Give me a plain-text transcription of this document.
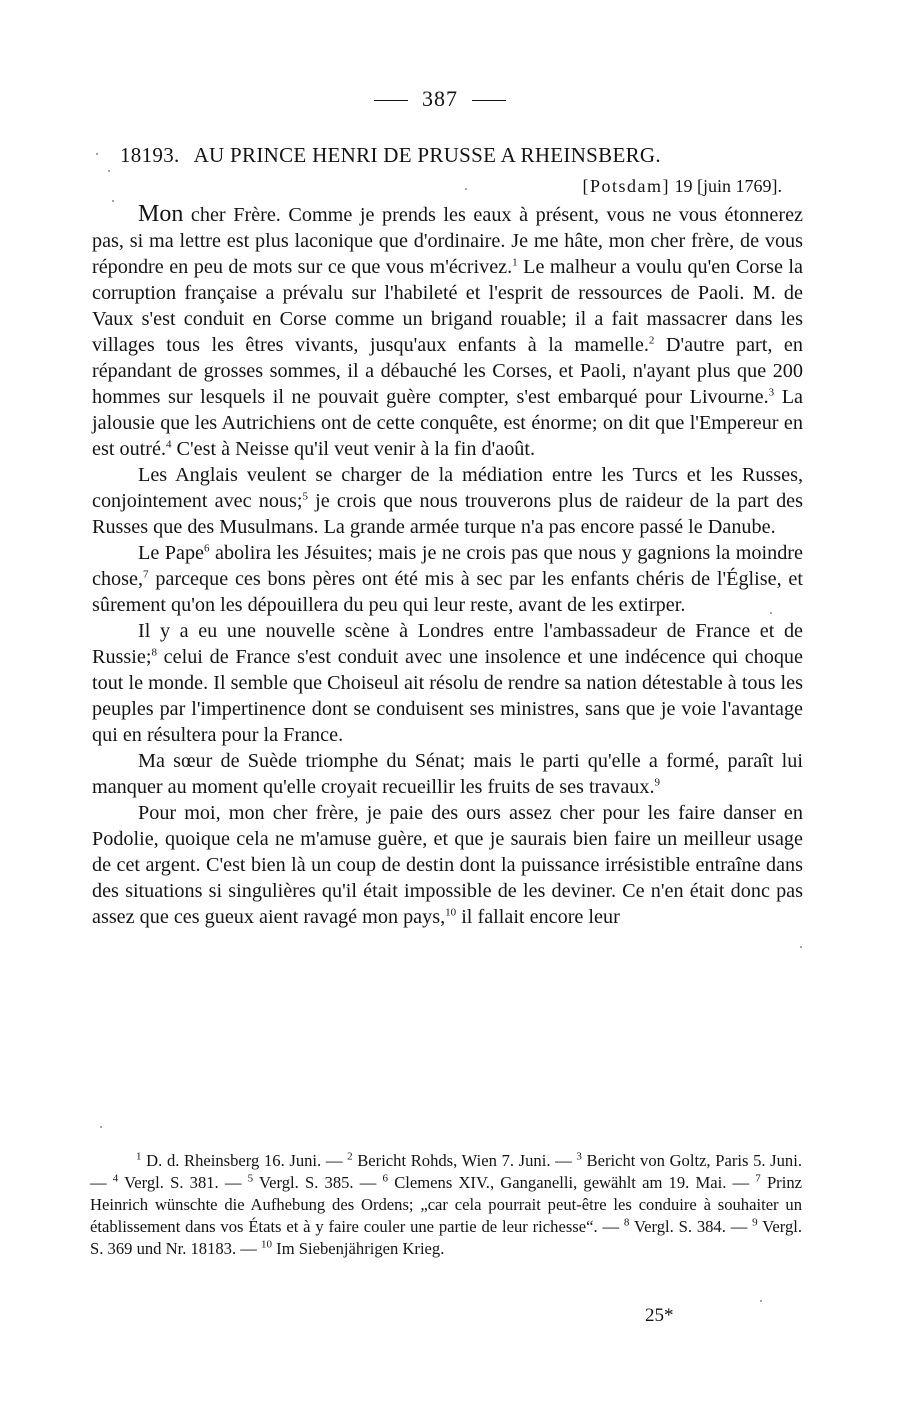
387
18193. AU PRINCE HENRI DE PRUSSE A RHEINSBERG.
[Potsdam] 19 [juin 1769].

Mon cher Frère. Comme je prends les eaux à présent, vous ne vous étonnerez pas, si ma lettre est plus laconique que d'ordinaire. Je me hâte, mon cher frère, de vous répondre en peu de mots sur ce que vous m'écrivez.$^1$ Le malheur a voulu qu'en Corse la corruption française a prévalu sur l'habileté et l'esprit de ressources de Paoli. M. de Vaux s'est conduit en Corse comme un brigand rouable; il a fait massacrer dans les villages tous les êtres vivants, jusqu'aux enfants à la mamelle.$^2$ D'autre part, en répandant de grosses sommes, il a débauché les Corses, et Paoli, n'ayant plus que 200 hommes sur lesquels il ne pouvait guère compter, s'est embarqué pour Livourne.$^3$ La jalousie que les Autrichiens ont de cette conquête, est énorme; on dit que l'Empereur en est outré.$^4$ C'est à Neisse qu'il veut venir à la fin d'août.

Les Anglais veulent se charger de la médiation entre les Turcs et les Russes, conjointement avec nous;$^5$ je crois que nous trouverons plus de raideur de la part des Russes que des Musulmans. La grande armée turque n'a pas encore passé le Danube.

Le Pape$^6$ abolira les Jésuites; mais je ne crois pas que nous y gagnions la moindre chose,$^7$ parceque ces bons pères ont été mis à sec par les enfants chéris de l'Église, et sûrement qu'on les dépouillera du peu qui leur reste, avant de les extirper.

Il y a eu une nouvelle scène à Londres entre l'ambassadeur de France et de Russie;$^8$ celui de France s'est conduit avec une insolence et une indécence qui choque tout le monde. Il semble que Choiseul ait résolu de rendre sa nation détestable à tous les peuples par l'impertinence dont se conduisent ses ministres, sans que je voie l'avantage qui en résultera pour la France.

Ma sœur de Suède triomphe du Sénat; mais le parti qu'elle a formé, paraît lui manquer au moment qu'elle croyait recueillir les fruits de ses travaux.$^9$

Pour moi, mon cher frère, je paie des ours assez cher pour les faire danser en Podolie, quoique cela ne m'amuse guère, et que je saurais bien faire un meilleur usage de cet argent. C'est bien là un coup de destin dont la puissance irrésistible entraîne dans des situations si singulières qu'il était impossible de les deviner. Ce n'en était donc pas assez que ces gueux aient ravagé mon pays,$^{10}$ il fallait encore leur

$^1$ D. d. Rheinsberg 16. Juni. — $^2$ Bericht Rohds, Wien 7. Juni. — $^3$ Bericht von Goltz, Paris 5. Juni. — $^4$ Vergl. S. 381. — $^5$ Vergl. S. 385. — $^6$ Clemens XIV., Ganganelli, gewählt am 19. Mai. — $^7$ Prinz Heinrich wünschte die Aufhebung des Ordens; „car cela pourrait peut-être les conduire à souhaiter un établissement dans vos États et à y faire couler une partie de leur richesse“. — $^8$ Vergl. S. 384. — $^9$ Vergl. S. 369 und Nr. 18183. — $^{10}$ Im Siebenjährigen Krieg.

25*
